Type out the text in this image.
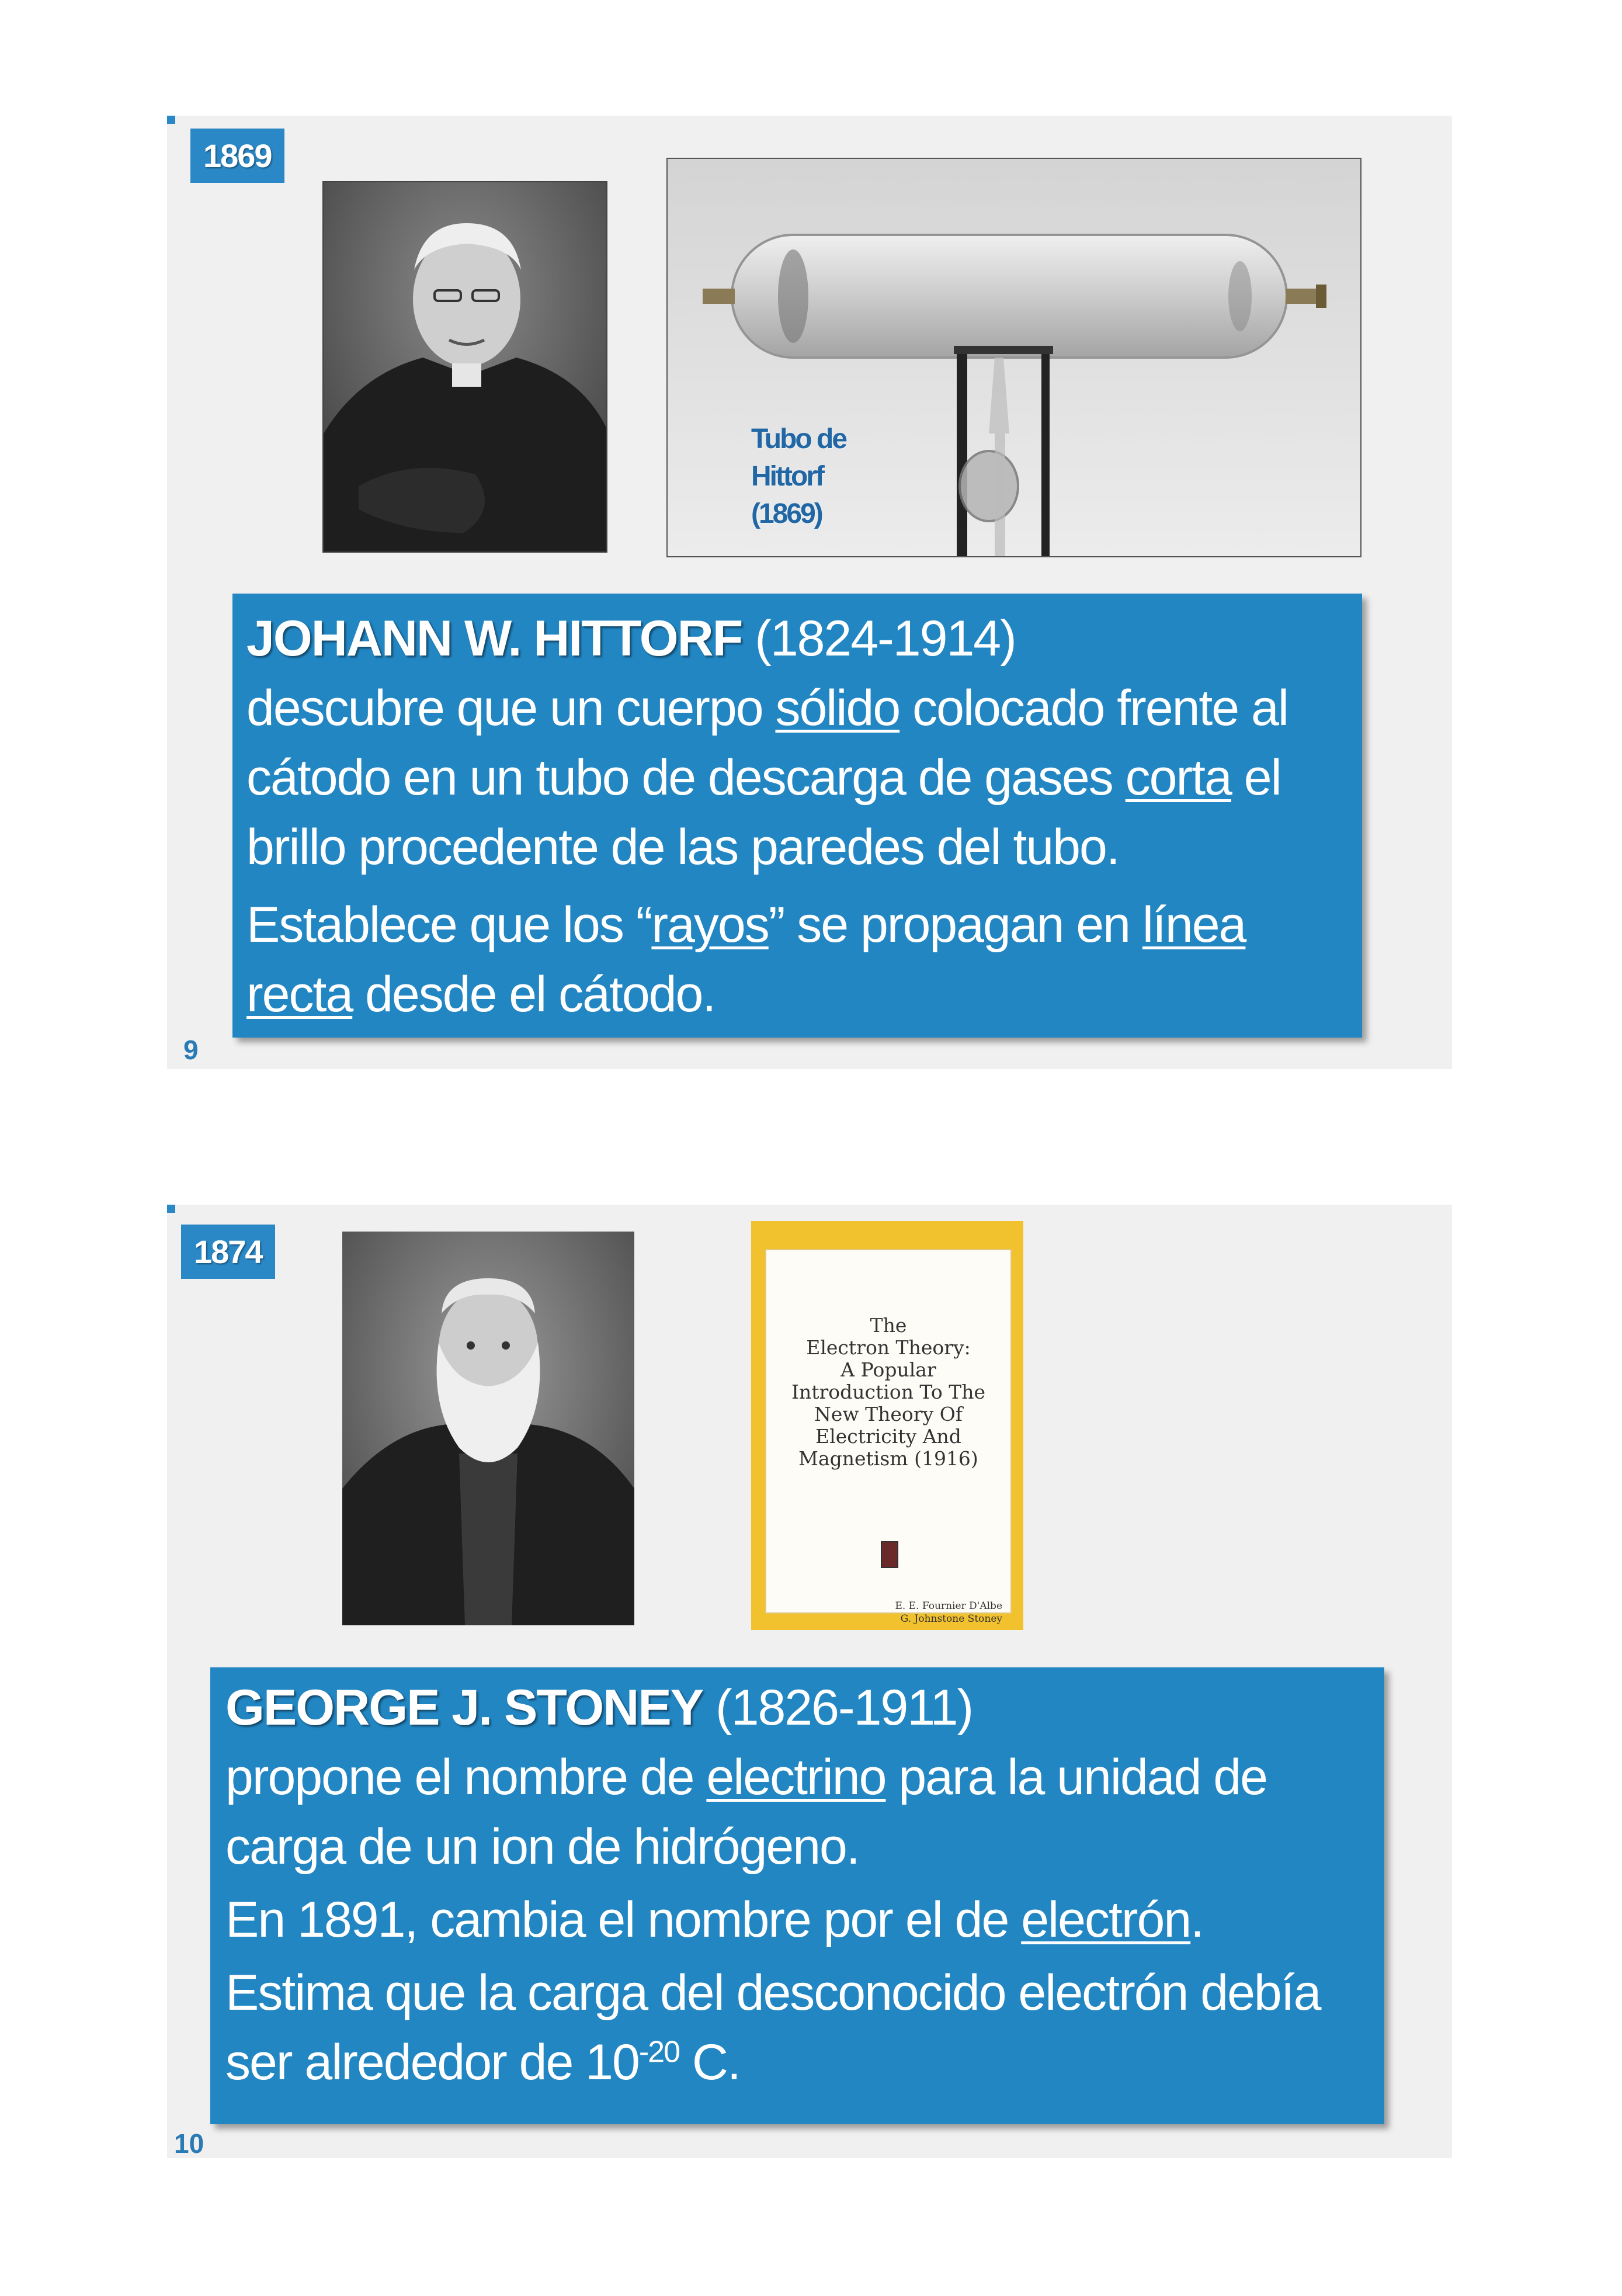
1869
Tubo de
Hittorf
(1869)

JOHANN W. HITTORF (1824-1914)

descubre que un cuerpo sólido colocado frente al cátodo en un tubo de descarga de gases corta el brillo procedente de las paredes del tubo.

Establece que los “rayos” se propagan en línea recta desde el cátodo.

9
1874
The
Electron Theory:
A Popular
Introduction To The
New Theory Of
Electricity And
Magnetism (1916)
E. E. Fournier D'Albe
G. Johnstone Stoney

GEORGE J. STONEY (1826-1911)

propone el nombre de electrino para la unidad de carga de un ion de hidrógeno.

En 1891, cambia el nombre por el de electrón.

Estima que la carga del desconocido electrón debía ser alrededor de $10^{-20}$ C.

10
